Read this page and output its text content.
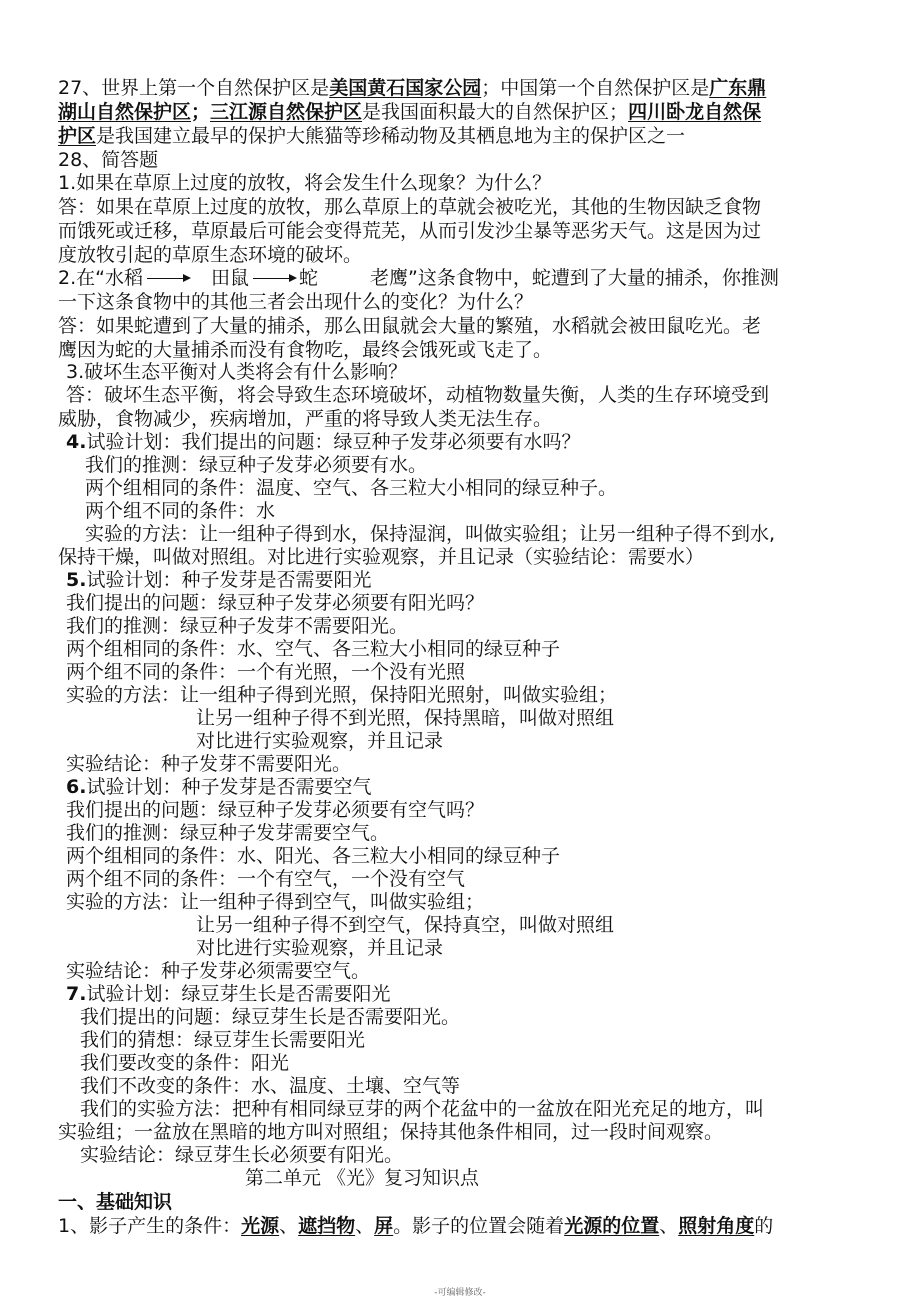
27、世界上第一个自然保护区是美国黄石国家公园；中国第一个自然保护区是广东鼎
湖山自然保护区；三江源自然保护区是我国面积最大的自然保护区；四川卧龙自然保
护区是我国建立最早的保护大熊猫等珍稀动物及其栖息地为主的保护区之一
28、简答题
1.如果在草原上过度的放牧，将会发生什么现象？为什么？
答：如果在草原上过度的放牧，那么草原上的草就会被吃光，其他的生物因缺乏食物
而饿死或迁移，草原最后可能会变得荒芜，从而引发沙尘暴等恶劣天气。这是因为过
度放牧引起的草原生态环境的破坏。
2.在“水稻	田鼠	蛇	老鹰”这条食物中，蛇遭到了大量的捕杀，你推测
一下这条食物中的其他三者会出现什么的变化？为什么？
答：如果蛇遭到了大量的捕杀，那么田鼠就会大量的繁殖，水稻就会被田鼠吃光。老
鹰因为蛇的大量捕杀而没有食物吃，最终会饿死或飞走了。
3.破坏生态平衡对人类将会有什么影响？
答：破坏生态平衡，将会导致生态环境破坏，动植物数量失衡，人类的生存环境受到
威胁，食物减少，疾病增加，严重的将导致人类无法生存。
4.试验计划：我们提出的问题：绿豆种子发芽必须要有水吗？
我们的推测：绿豆种子发芽必须要有水。
两个组相同的条件：温度、空气、各三粒大小相同的绿豆种子。
两个组不同的条件：水
实验的方法：让一组种子得到水，保持湿润，叫做实验组；让另一组种子得不到水,
保持干燥，叫做对照组。对比进行实验观察，并且记录（实验结论：需要水）
5.试验计划：种子发芽是否需要阳光
我们提出的问题：绿豆种子发芽必须要有阳光吗？
我们的推测：绿豆种子发芽不需要阳光。
两个组相同的条件：水、空气、各三粒大小相同的绿豆种子
两个组不同的条件：一个有光照，一个没有光照
实验的方法：让一组种子得到光照，保持阳光照射，叫做实验组；
让另一组种子得不到光照，保持黑暗，叫做对照组
对比进行实验观察，并且记录
实验结论：种子发芽不需要阳光。
6.试验计划：种子发芽是否需要空气
我们提出的问题：绿豆种子发芽必须要有空气吗？
我们的推测：绿豆种子发芽需要空气。
两个组相同的条件：水、阳光、各三粒大小相同的绿豆种子
两个组不同的条件：一个有空气，一个没有空气
实验的方法：让一组种子得到空气，叫做实验组；
让另一组种子得不到空气，保持真空，叫做对照组
对比进行实验观察，并且记录
实验结论：种子发芽必须需要空气。
7.试验计划：绿豆芽生长是否需要阳光
我们提出的问题：绿豆芽生长是否需要阳光。
我们的猜想：绿豆芽生长需要阳光
我们要改变的条件：阳光
我们不改变的条件：水、温度、土壤、空气等
我们的实验方法：把种有相同绿豆芽的两个花盆中的一盆放在阳光充足的地方，叫
实验组；一盆放在黑暗的地方叫对照组；保持其他条件相同，过一段时间观察。
实验结论：绿豆芽生长必须要有阳光。
第二单元 《光》复习知识点
一、基础知识
1、影子产生的条件：光源、遮挡物、屏。影子的位置会随着光源的位置、照射角度的
-可编辑修改-
